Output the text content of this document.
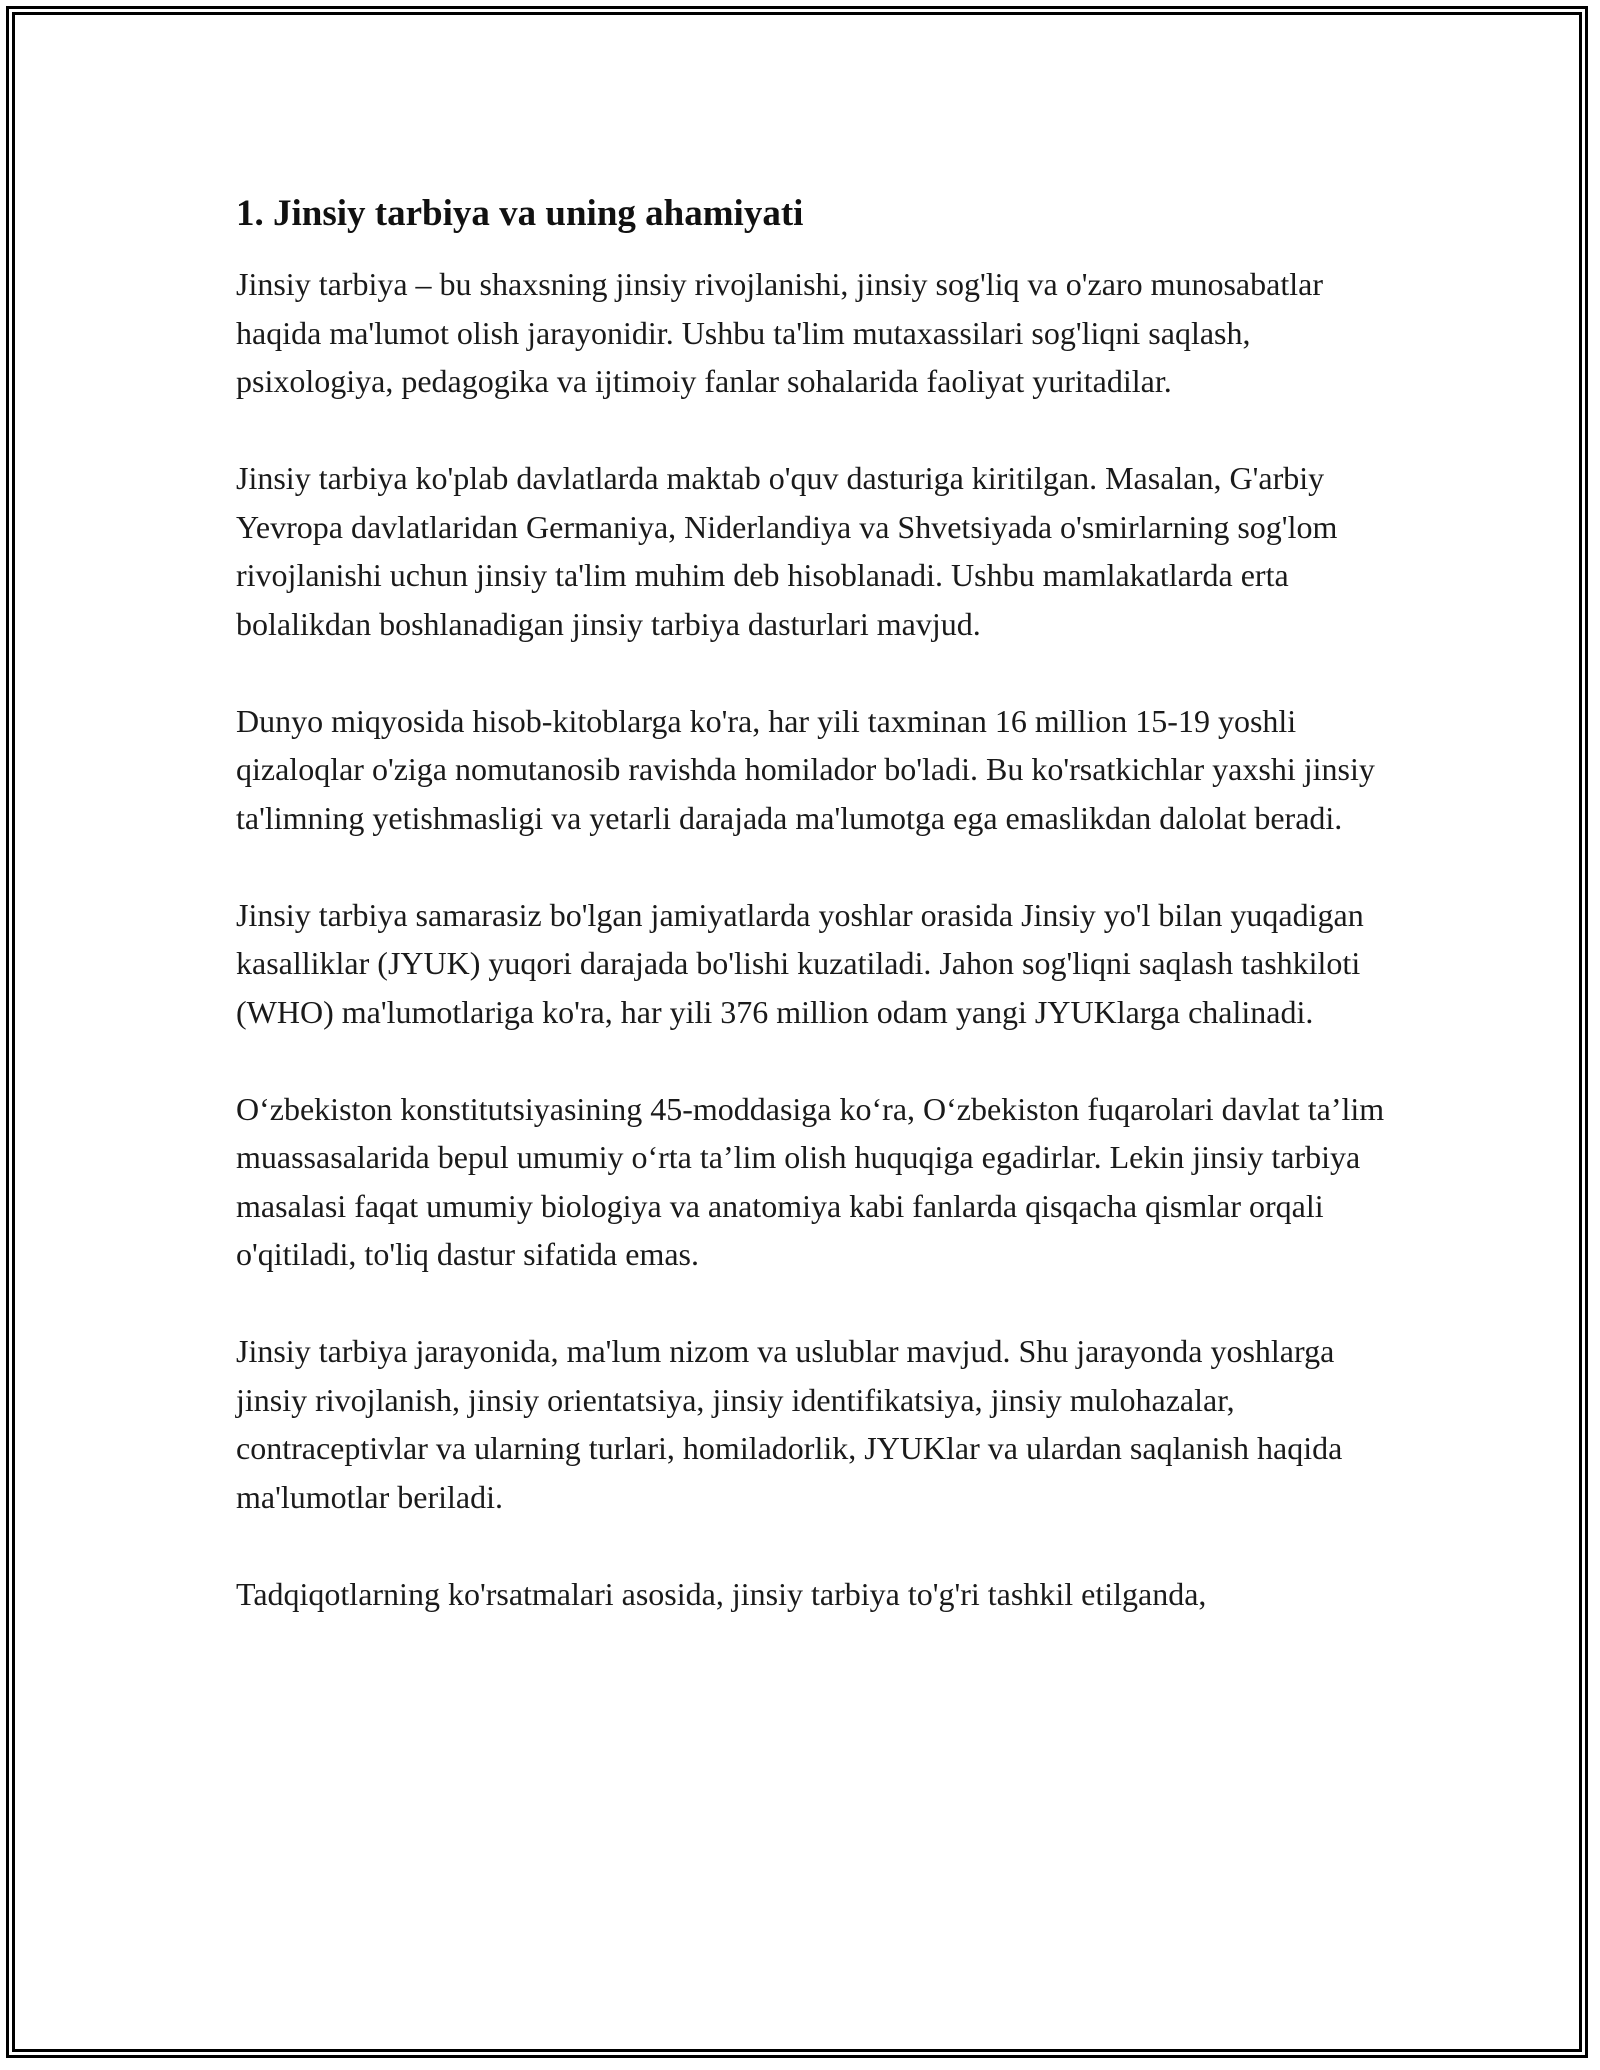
1. Jinsiy tarbiya va uning ahamiyati

Jinsiy tarbiya – bu shaxsning jinsiy rivojlanishi, jinsiy sog'liq va o'zaro munosabatlar haqida ma'lumot olish jarayonidir. Ushbu ta'lim mutaxassilari sog'liqni saqlash, psixologiya, pedagogika va ijtimoiy fanlar sohalarida faoliyat yuritadilar.

Jinsiy tarbiya ko'plab davlatlarda maktab o'quv dasturiga kiritilgan. Masalan, G'arbiy Yevropa davlatlaridan Germaniya, Niderlandiya va Shvetsiyada o'smirlarning sog'lom rivojlanishi uchun jinsiy ta'lim muhim deb hisoblanadi. Ushbu mamlakatlarda erta bolalikdan boshlanadigan jinsiy tarbiya dasturlari mavjud.

Dunyo miqyosida hisob-kitoblarga ko'ra, har yili taxminan 16 million 15-19 yoshli qizaloqlar o'ziga nomutanosib ravishda homilador bo'ladi. Bu ko'rsatkichlar yaxshi jinsiy ta'limning yetishmasligi va yetarli darajada ma'lumotga ega emaslikdan dalolat beradi.

Jinsiy tarbiya samarasiz bo'lgan jamiyatlarda yoshlar orasida Jinsiy yo'l bilan yuqadigan kasalliklar (JYUK) yuqori darajada bo'lishi kuzatiladi. Jahon sog'liqni saqlash tashkiloti (WHO) ma'lumotlariga ko'ra, har yili 376 million odam yangi JYUKlarga chalinadi.

O‘zbekiston konstitutsiyasining 45-moddasiga ko‘ra, O‘zbekiston fuqarolari davlat ta’lim muassasalarida bepul umumiy o‘rta ta’lim olish huquqiga egadirlar. Lekin jinsiy tarbiya masalasi faqat umumiy biologiya va anatomiya kabi fanlarda qisqacha qismlar orqali o'qitiladi, to'liq dastur sifatida emas.

Jinsiy tarbiya jarayonida, ma'lum nizom va uslublar mavjud. Shu jarayonda yoshlarga jinsiy rivojlanish, jinsiy orientatsiya, jinsiy identifikatsiya, jinsiy mulohazalar, contraceptivlar va ularning turlari, homiladorlik, JYUKlar va ulardan saqlanish haqida ma'lumotlar beriladi.

Tadqiqotlarning ko'rsatmalari asosida, jinsiy tarbiya to'g'ri tashkil etilganda,
